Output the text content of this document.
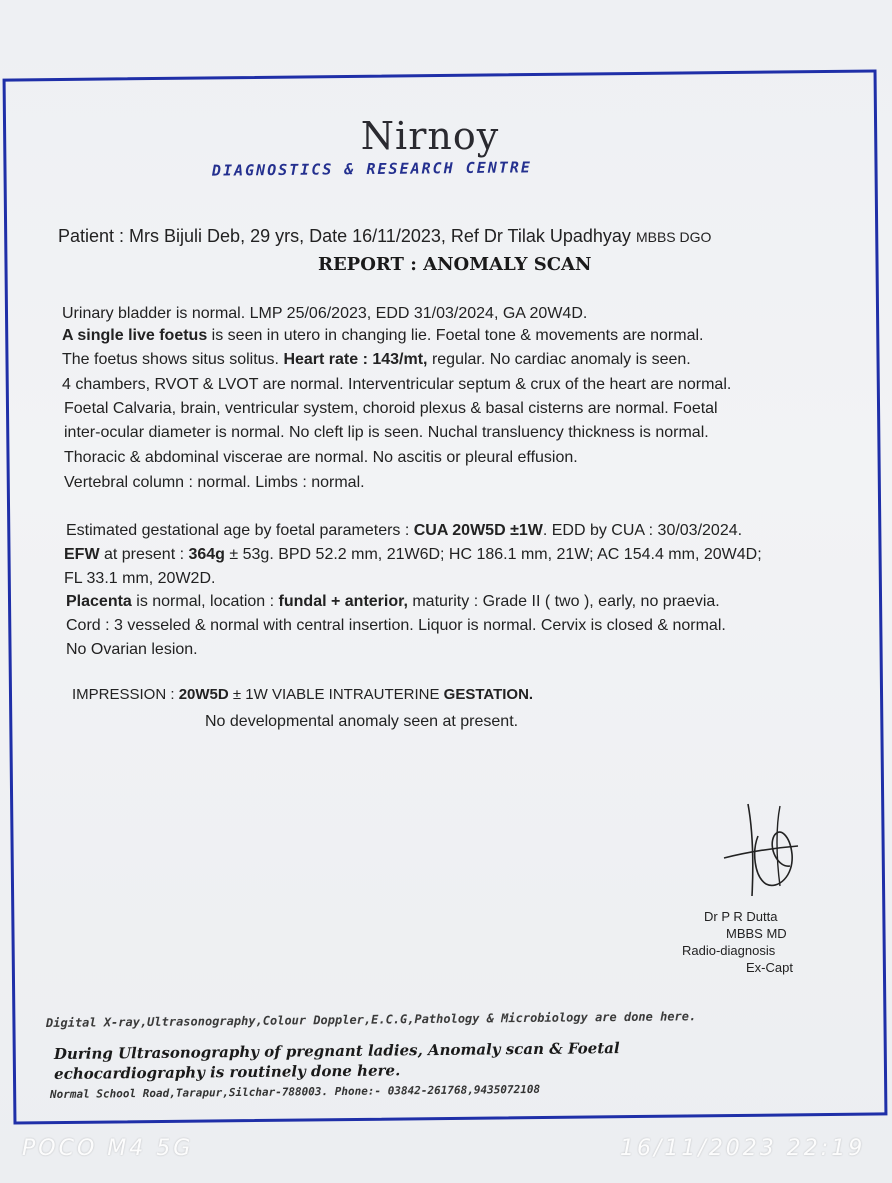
Nirnoy
DIAGNOSTICS & RESEARCH CENTRE
Patient : Mrs Bijuli Deb, 29 yrs, Date 16/11/2023, Ref Dr Tilak Upadhyay MBBS DGO
REPORT : ANOMALY SCAN
Urinary bladder is normal. LMP 25/06/2023, EDD 31/03/2024, GA 20W4D.
A single live foetus is seen in utero in changing lie. Foetal tone & movements are normal.
The foetus shows situs solitus. Heart rate : 143/mt, regular. No cardiac anomaly is seen.
4 chambers, RVOT & LVOT are normal. Interventricular septum & crux of the heart are normal.
Foetal Calvaria, brain, ventricular system, choroid plexus & basal cisterns are normal. Foetal
inter-ocular diameter is normal. No cleft lip is seen. Nuchal transluency thickness is normal.
Thoracic & abdominal viscerae are normal. No ascitis or pleural effusion.
Vertebral column : normal. Limbs : normal.
Estimated gestational age by foetal parameters : CUA 20W5D ±1W. EDD by CUA : 30/03/2024.
EFW at present : 364g ± 53g. BPD 52.2 mm, 21W6D; HC 186.1 mm, 21W; AC 154.4 mm, 20W4D;
FL 33.1 mm, 20W2D.
Placenta is normal, location : fundal + anterior, maturity : Grade II ( two ), early, no praevia.
Cord : 3 vesseled & normal with central insertion. Liquor is normal. Cervix is closed & normal.
No Ovarian lesion.
IMPRESSION : 20W5D ± 1W VIABLE INTRAUTERINE GESTATION.
No developmental anomaly seen at present.
Dr P R Dutta
MBBS MD
Radio-diagnosis
Ex-Capt
Digital X-ray,Ultrasonography,Colour Doppler,E.C.G,Pathology & Microbiology are done here.
During Ultrasonography of pregnant ladies, Anomaly scan & Foetal
echocardiography is routinely done here.
Normal School Road,Tarapur,Silchar-788003. Phone:- 03842-261768,9435072108
POCO M4 5G	16/11/2023 22:19
